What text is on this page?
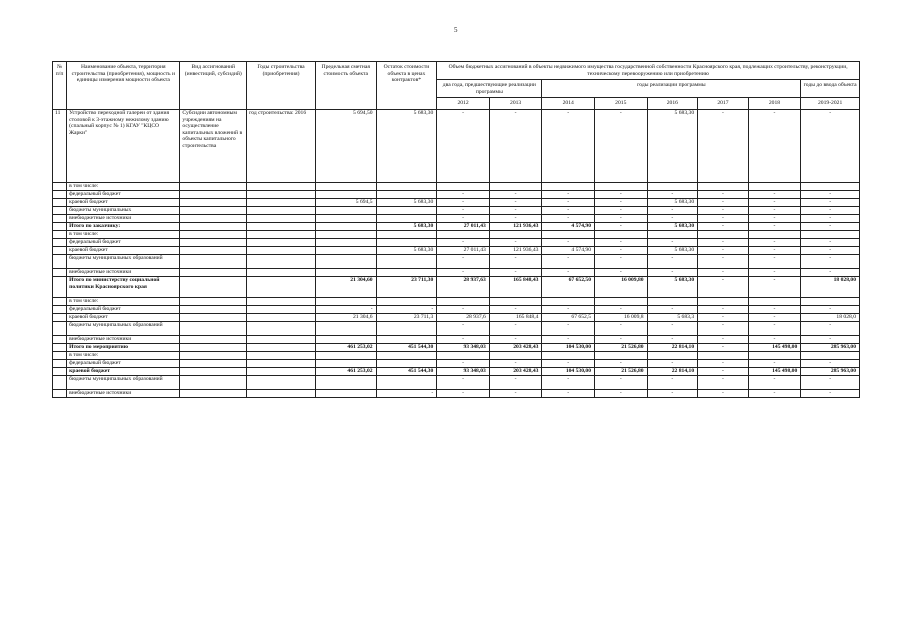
5
№ п/п	Наименование объекта, территория строительства (приобретения), мощность и единицы измерения мощности объекта	Вид ассигнований (инвестиций, субсидий)	Годы строительства (приобретения)	Предельная сметная стоимость объекта	Остаток стоимости объекта в ценах контрактов*	Объем бюджетных ассигнований в объекты недвижимого имущества государственной собственности Красноярского края, подлежащих строительству, реконструкции, техническому перевооружению или приобретению							
						два года, предшествующие реализации программы		годы реализации программы					годы до ввода объекта
						2012	2013	2014	2015	2016	2017	2018	2019-2021
11	Устройство переходной галереи от здания столовой к 3-этажному нежилому зданию (спальный корпус № 1) КГАУ "КЦСО Жарки"	Субсидии автономным учреждениям на осуществление капитальных вложений в объекты капитального строительства	год строительства: 2016	5 694,50	5 683,30	-	-	-	-	5 683,30	-	-	-
	в том числе:												
	федеральный бюджет					-	-	-	-	-	-	-	-
	краевой бюджет			5 694,5	5 683,30	-	-	-	-	5 683,30	-	-	-
	бюджеты муниципальных					-	-	-	-	-	-	-	-
	внебюджетные источники					-	-	-	-	-	-	-	-
	Итого по заказчику:				5 683,30	27 011,43	121 936,43	4 574,90	-	5 683,30	-	-	-
	в том числе:												
	федеральный бюджет					-	-	-	-	-	-	-	-
	краевой бюджет				5 683,30	27 011,43	121 936,43	4 574,90	-	5 683,30	-	-	-
	бюджеты муниципальных образований					-	-	-	-	-	-	-	-
	внебюджетные источники					-	-	-	-	-	-	-	-
	Итого по министерству социальной политики Красноярского края			21 304,60	23 711,30	28 937,63	165 848,43	67 652,50	16 009,80	5 683,30	-	-	18 028,00
	в том числе:												
	федеральный бюджет			-	-	-	-	-	-	-	-	-	-
	краевой бюджет			21 304,6	23 711,3	28 937,6	165 848,4	67 652,5	16 009,8	5 683,3	-	-	18 028,0
	бюджеты муниципальных образований					-	-	-	-	-	-	-	-
	внебюджетные источники					-	-	-	-	-	-	-	-
	Итого по мероприятию			461 253,02	451 544,30	93 348,03	203 428,43	104 530,00	21 526,80	22 814,10	-	145 498,00	285 963,00
	в том числе:												
	федеральный бюджет					-	-	-	-	-	-	-	-
	краевой бюджет			461 253,02	451 544,30	93 348,03	203 428,43	104 530,00	21 526,80	22 814,10	-	145 498,00	285 963,00
	бюджеты муниципальных образований					-	-	-	-	-	-	-	-
	внебюджетные источники				-	-	-	-	-	-	-	-	-
